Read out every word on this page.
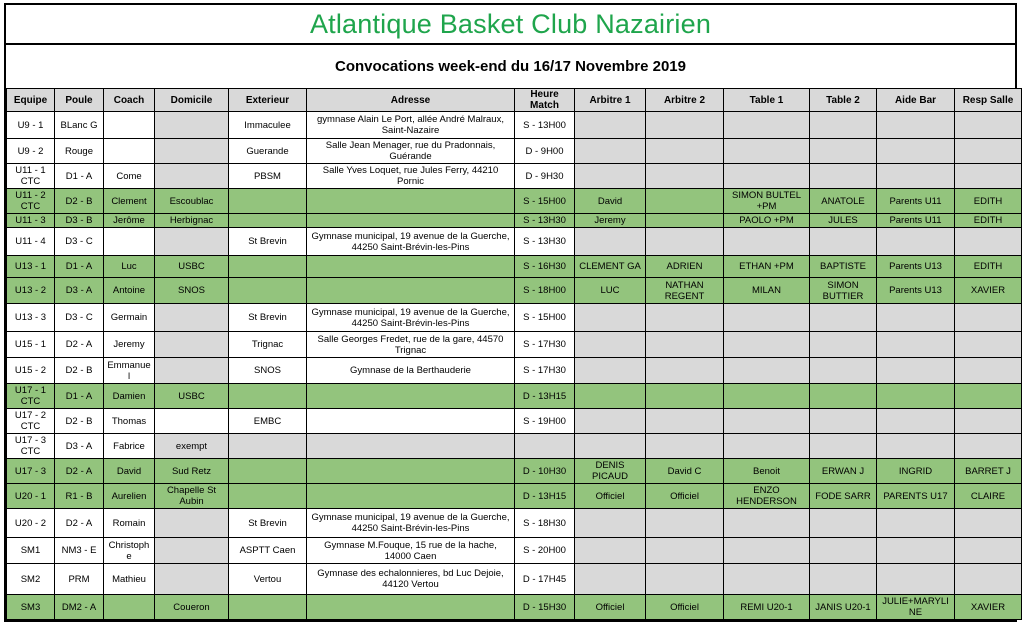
Atlantique Basket Club Nazairien
Convocations week-end du 16/17 Novembre 2019
Equipe	Poule	Coach	Domicile	Exterieur	Adresse	Heure Match	Arbitre 1	Arbitre 2	Table 1	Table 2	Aide Bar	Resp Salle
U9 - 1	BLanc G			Immaculee	gymnase Alain Le Port, allée André Malraux, Saint-Nazaire	S - 13H00						
U9 - 2	Rouge			Guerande	Salle Jean Menager, rue du Pradonnais, Guérande	D - 9H00						
U11 - 1 CTC	D1 - A	Come		PBSM	Salle Yves Loquet, rue Jules Ferry, 44210 Pornic	D - 9H30						
U11 - 2 CTC	D2 - B	Clement	Escoublac			S - 15H00	David		SIMON BULTEL +PM	ANATOLE	Parents U11	EDITH
U11 - 3	D3 - B	Jerôme	Herbignac			S - 13H30	Jeremy		PAOLO +PM	JULES	Parents U11	EDITH
U11 - 4	D3 - C			St Brevin	Gymnase municipal, 19 avenue de la Guerche, 44250 Saint-Brévin-les-Pins	S - 13H30						
U13 - 1	D1 - A	Luc	USBC			S - 16H30	CLEMENT GA	ADRIEN	ETHAN +PM	BAPTISTE	Parents U13	EDITH
U13 - 2	D3 - A	Antoine	SNOS			S - 18H00	LUC	NATHAN REGENT	MILAN	SIMON BUTTIER	Parents U13	XAVIER
U13 - 3	D3 - C	Germain		St Brevin	Gymnase municipal, 19 avenue de la Guerche, 44250 Saint-Brévin-les-Pins	S - 15H00						
U15 - 1	D2 - A	Jeremy		Trignac	Salle Georges Fredet, rue de la gare, 44570 Trignac	S - 17H30						
U15 - 2	D2 - B	Emmanuel		SNOS	Gymnase de la Berthauderie	S - 17H30						
U17 - 1 CTC	D1 - A	Damien	USBC			D - 13H15						
U17 - 2 CTC	D2 - B	Thomas		EMBC		S - 19H00						
U17 - 3 CTC	D3 - A	Fabrice	exempt									
U17 - 3	D2 - A	David	Sud Retz			D - 10H30	DENIS PICAUD	David C	Benoit	ERWAN J	INGRID	BARRET J
U20 - 1	R1 - B	Aurelien	Chapelle St Aubin			D - 13H15	Officiel	Officiel	ENZO HENDERSON	FODE SARR	PARENTS U17	CLAIRE
U20 - 2	D2 - A	Romain		St Brevin	Gymnase municipal, 19 avenue de la Guerche, 44250 Saint-Brévin-les-Pins	S - 18H30						
SM1	NM3 - E	Christophe		ASPTT Caen	Gymnase M.Fouque, 15 rue de la hache, 14000 Caen	S - 20H00						
SM2	PRM	Mathieu		Vertou	Gymnase des echalonnieres, bd Luc Dejoie, 44120 Vertou	D - 17H45						
SM3	DM2 - A		Coueron			D - 15H30	Officiel	Officiel	REMI U20-1	JANIS U20-1	JULIE+MARYLINE	XAVIER
